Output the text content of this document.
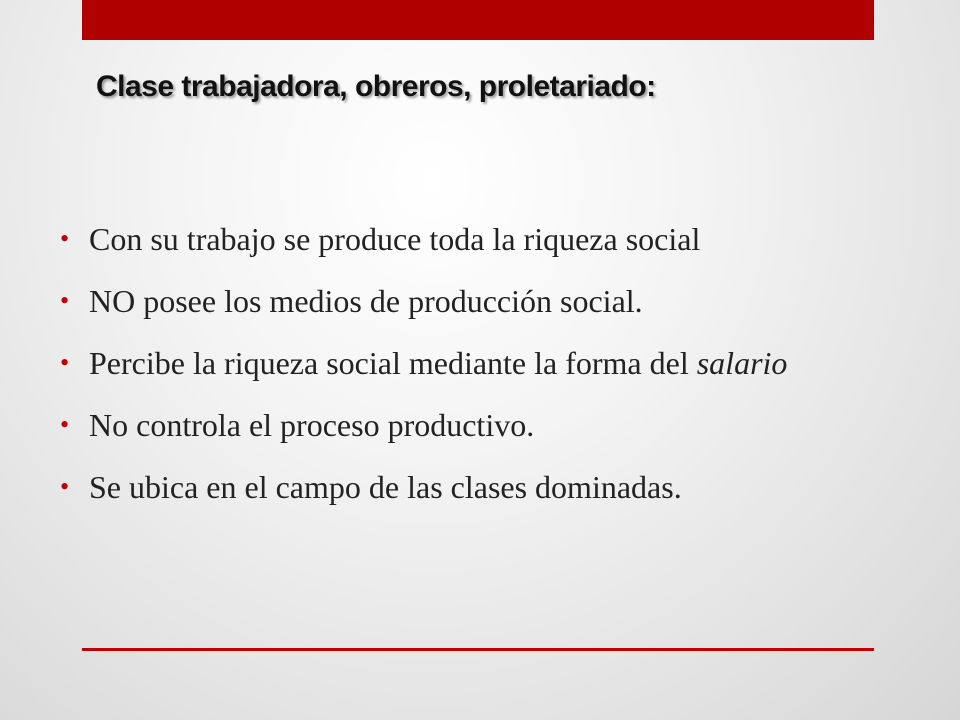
Clase trabajadora, obreros, proletariado:
• Con su trabajo se produce toda la riqueza social
• NO posee los medios de producción social.
• Percibe la riqueza social mediante la forma del salario
• No controla el proceso productivo.
• Se ubica en el campo de las clases dominadas.
